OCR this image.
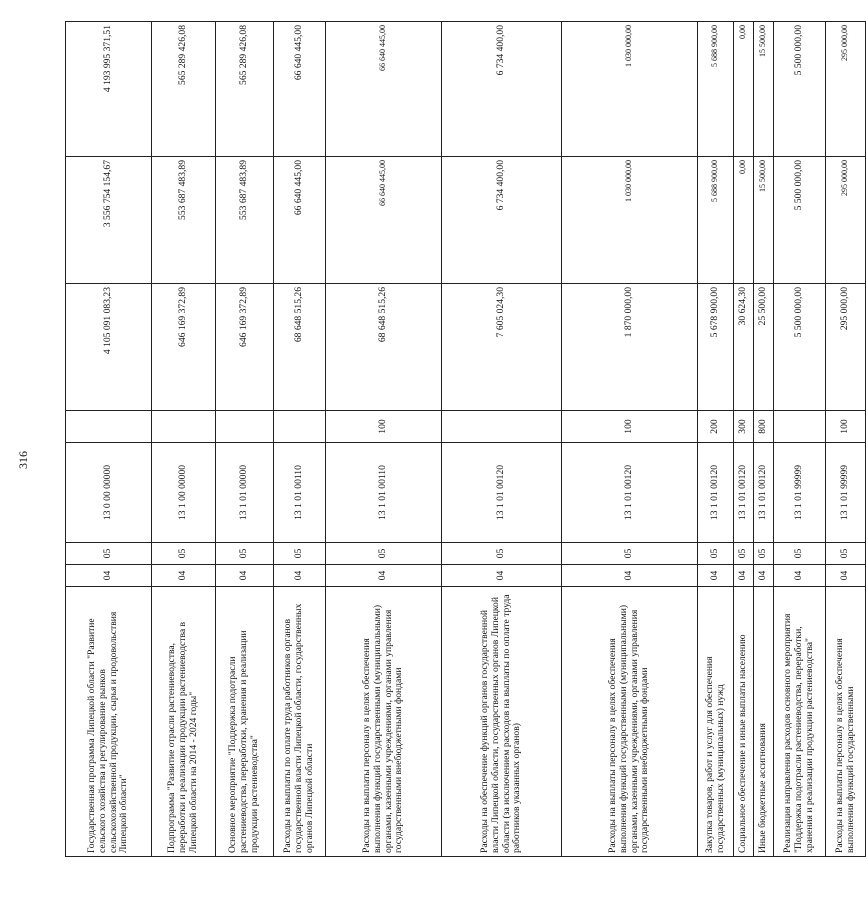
316
Государственная программа Липецкой области "Развитие сельского хозяйства и регулирование рынков сельскохозяйственной продукции, сырья и продовольствия Липецкой области"	04	05	13 0 00 00000		4 105 091 083,23	3 556 754 154,67	4 193 995 371,51
Подпрограмма "Развитие отрасли растениеводства, переработки и реализации продукции растениеводства в Липецкой области на 2014 - 2024 годы"	04	05	13 1 00 00000		646 169 372,89	553 687 483,89	565 289 426,08
Основное мероприятие "Поддержка подотрасли растениеводства, переработки, хранения и реализации продукции растениеводства"	04	05	13 1 01 00000		646 169 372,89	553 687 483,89	565 289 426,08
Расходы на выплаты по оплате труда работников органов государственной власти Липецкой области, государственных органов Липецкой области	04	05	13 1 01 00110		68 648 515,26	66 640 445,00	66 640 445,00
Расходы на выплаты персоналу в целях обеспечения выполнения функций государственными (муниципальными) органами, казенными учреждениями, органами управления государственными внебюджетными фондами	04	05	13 1 01 00110	100	68 648 515,26	66 640 445,00	66 640 445,00
Расходы на обеспечение функций органов государственной власти Липецкой области, государственных органов Липецкой области (за исключением расходов на выплаты по оплате труда работников указанных органов)	04	05	13 1 01 00120		7 605 024,30	6 734 400,00	6 734 400,00
Расходы на выплаты персоналу в целях обеспечения выполнения функций государственными (муниципальными) органами, казенными учреждениями, органами управления государственными внебюджетными фондами	04	05	13 1 01 00120	100	1 870 000,00	1 030 000,00	1 030 000,00
Закупка товаров, работ и услуг для обеспечения государственных (муниципальных) нужд	04	05	13 1 01 00120	200	5 678 900,00	5 688 900,00	5 688 900,00
Социальное обеспечение и иные выплаты населению	04	05	13 1 01 00120	300	30 624,30	0,00	0,00
Иные бюджетные ассигнования	04	05	13 1 01 00120	800	25 500,00	15 500,00	15 500,00
Реализация направления расходов основного мероприятия "Поддержка подотрасли растениеводства, переработки, хранения и реализации продукции растениеводства"	04	05	13 1 01 99999		5 500 000,00	5 500 000,00	5 500 000,00
Расходы на выплаты персоналу в целях обеспечения выполнения функций государственными	04	05	13 1 01 99999	100	295 000,00	295 000,00	295 000,00
